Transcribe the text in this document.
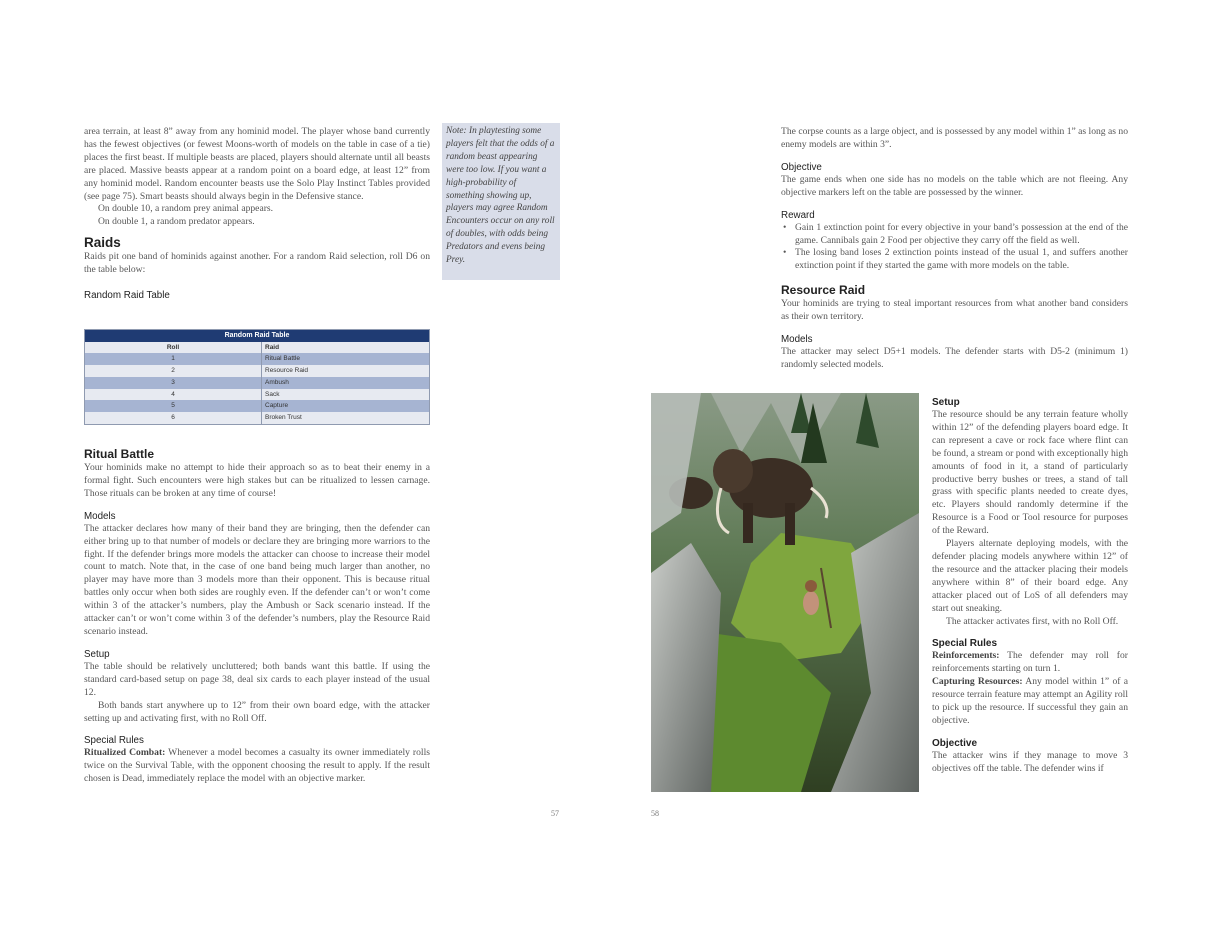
area terrain, at least 8” away from any hominid model. The player whose band currently has the fewest objectives (or fewest Moons-worth of models on the table in case of a tie) places the first beast. If multiple beasts are placed, players should alternate until all beasts are placed. Massive beasts appear at a random point on a board edge, at least 12” from any hominid model. Random encounter beasts use the Solo Play Instinct Tables provided (see page 75). Smart beasts should always begin in the Defensive stance.

On double 10, a random prey animal appears.

On double 1, a random predator appears.

Raids

Raids pit one band of hominids against another. For a random Raid selection, roll D6 on the table below:

Random Raid Table
Random Raid Table	
Roll	Raid
1	Ritual Battle
2	Resource Raid
3	Ambush
4	Sack
5	Capture
6	Broken Trust
Ritual Battle

Your hominids make no attempt to hide their approach so as to beat their enemy in a formal fight. Such encounters were high stakes but can be ritualized to lessen carnage. Those rituals can be broken at any time of course!

Models

The attacker declares how many of their band they are bringing, then the defender can either bring up to that number of models or declare they are bringing more warriors to the fight. If the defender brings more models the attacker can choose to increase their model count to match. Note that, in the case of one band being much larger than another, no player may have more than 3 models more than their opponent. This is because ritual battles only occur when both sides are roughly even. If the defender can’t or won’t come within 3 of the attacker’s numbers, play the Ambush or Sack scenario instead. If the attacker can’t or won’t come within 3 of the defender’s numbers, play the Resource Raid scenario instead.

Setup

The table should be relatively uncluttered; both bands want this battle. If using the standard card-based setup on page 38, deal six cards to each player instead of the usual 12.

Both bands start anywhere up to 12” from their own board edge, with the attacker setting up and activating first, with no Roll Off.

Special Rules

Ritualized Combat: Whenever a model becomes a casualty its owner immediately rolls twice on the Survival Table, with the opponent choosing the result to apply. If the result chosen is Dead, immediately replace the model with an objective marker.

57
Note: In playtesting some players felt that the odds of a random beast appearing were too low. If you want a high-probability of something showing up, players may agree Random Encounters occur on any roll of doubles, with odds being Predators and evens being Prey.

The corpse counts as a large object, and is possessed by any model within 1” as long as no enemy models are within 3”.

Objective

The game ends when one side has no models on the table which are not fleeing. Any objective markers left on the table are possessed by the winner.

Reward
• Gain 1 extinction point for every objective in your band’s possession at the end of the game. Cannibals gain 2 Food per objective they carry off the field as well.
• The losing band loses 2 extinction points instead of the usual 1, and suffers another extinction point if they started the game with more models on the table.
Resource Raid

Your hominids are trying to steal important resources from what another band considers as their own territory.

Models

The attacker may select D5+1 models. The defender starts with D5-2 (minimum 1) randomly selected models.

Setup

The resource should be any terrain feature wholly within 12” of the defending players board edge. It can represent a cave or rock face where flint can be found, a stream or pond with exceptionally high amounts of food in it, a stand of particularly productive berry bushes or trees, a stand of tall grass with specific plants needed to create dyes, etc. Players should randomly determine if the Resource is a Food or Tool resource for purposes of the Reward.

Players alternate deploying models, with the defender placing models anywhere within 12” of the resource and the attacker placing their models anywhere within 8” of their board edge. Any attacker placed out of LoS of all defenders may start out sneaking.

The attacker activates first, with no Roll Off.

Special Rules

Reinforcements: The defender may roll for reinforcements starting on turn 1.

Capturing Resources: Any model within 1” of a resource terrain feature may attempt an Agility roll to pick up the resource. If successful they gain an objective.

Objective

The attacker wins if they manage to move 3 objectives off the table. The defender wins if

58
